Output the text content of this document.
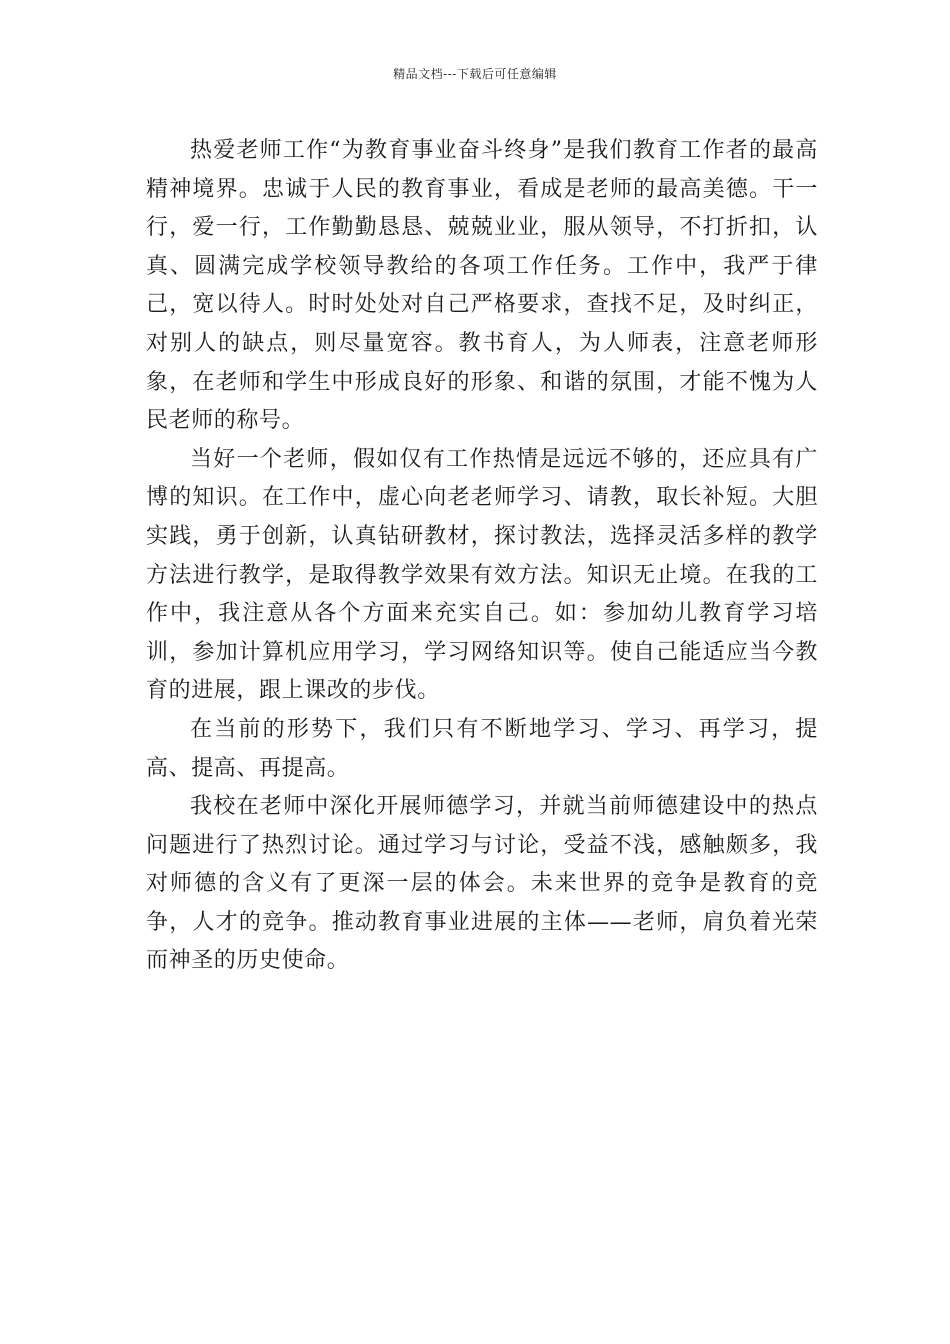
精品文档---下载后可任意编辑

热爱老师工作“为教育事业奋斗终身”是我们教育工作者的最高精神境界。忠诚于人民的教育事业，看成是老师的最高美德。干一行，爱一行，工作勤勤恳恳、兢兢业业，服从领导，不打折扣，认真、圆满完成学校领导教给的各项工作任务。工作中，我严于律己，宽以待人。时时处处对自己严格要求，查找不足，及时纠正，对别人的缺点，则尽量宽容。教书育人，为人师表，注意老师形象，在老师和学生中形成良好的形象、和谐的氛围，才能不愧为人民老师的称号。

当好一个老师，假如仅有工作热情是远远不够的，还应具有广博的知识。在工作中，虚心向老老师学习、请教，取长补短。大胆实践，勇于创新，认真钻研教材，探讨教法，选择灵活多样的教学方法进行教学，是取得教学效果有效方法。知识无止境。在我的工作中，我注意从各个方面来充实自己。如：参加幼儿教育学习培训，参加计算机应用学习，学习网络知识等。使自己能适应当今教育的进展，跟上课改的步伐。

在当前的形势下，我们只有不断地学习、学习、再学习，提高、提高、再提高。

我校在老师中深化开展师德学习，并就当前师德建设中的热点问题进行了热烈讨论。通过学习与讨论，受益不浅，感触颇多，我对师德的含义有了更深一层的体会。未来世界的竞争是教育的竞争，人才的竞争。推动教育事业进展的主体——老师，肩负着光荣而神圣的历史使命。
